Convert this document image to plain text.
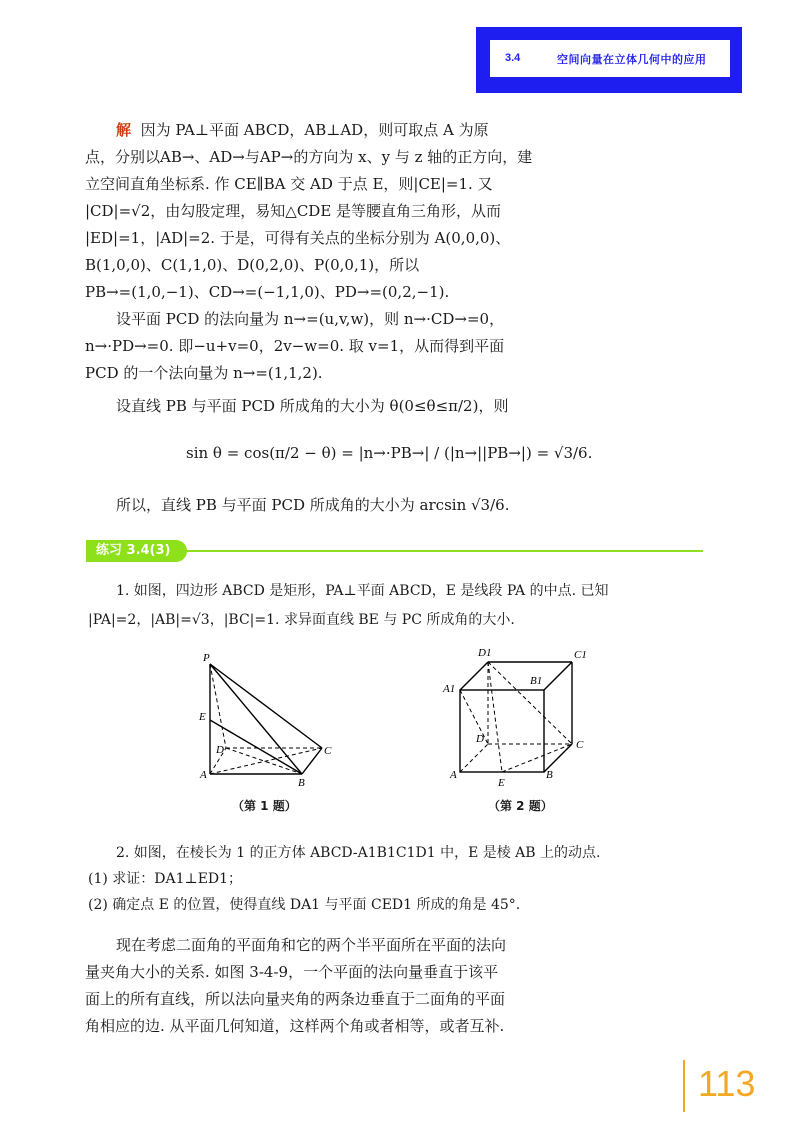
3.4	空间向量在立体几何中的应用
解 因为 PA⊥平面 ABCD，AB⊥AD，则可取点 A 为原
点，分别以AB→、AD→与AP→的方向为 x、y 与 z 轴的正方向，建
立空间直角坐标系. 作 CE∥BA 交 AD 于点 E，则|CE|=1. 又
|CD|=√2，由勾股定理，易知△CDE 是等腰直角三角形，从而
|ED|=1，|AD|=2. 于是，可得有关点的坐标分别为 A(0,0,0)、
B(1,0,0)、C(1,1,0)、D(0,2,0)、P(0,0,1)，所以
PB→=(1,0,−1)、CD→=(−1,1,0)、PD→=(0,2,−1).
设平面 PCD 的法向量为 n→=(u,v,w)，则 n→·CD→=0，
n→·PD→=0. 即−u+v=0，2v−w=0. 取 v=1，从而得到平面
PCD 的一个法向量为 n→=(1,1,2).
设直线 PB 与平面 PCD 所成角的大小为 θ(0≤θ≤π/2)，则
sin θ = cos(π/2 − θ) = |n→·PB→| / (|n→||PB→|) = √3/6.
所以，直线 PB 与平面 PCD 所成角的大小为 arcsin √3/6.
练习 3.4(3)
1. 如图，四边形 ABCD 是矩形，PA⊥平面 ABCD，E 是线段 PA 的中点. 已知
|PA|=2，|AB|=√3，|BC|=1. 求异面直线 BE 与 PC 所成角的大小.
P
E
D	C
A
B
（第 1 题）
D1	C1
A1
B1
D	C
A
E
B
（第 2 题）
2. 如图，在棱长为 1 的正方体 ABCD-A1B1C1D1 中，E 是棱 AB 上的动点.
(1) 求证：DA1⊥ED1；
(2) 确定点 E 的位置，使得直线 DA1 与平面 CED1 所成的角是 45°.
现在考虑二面角的平面角和它的两个半平面所在平面的法向
量夹角大小的关系. 如图 3-4-9，一个平面的法向量垂直于该平
面上的所有直线，所以法向量夹角的两条边垂直于二面角的平面
角相应的边. 从平面几何知道，这样两个角或者相等，或者互补.
113
